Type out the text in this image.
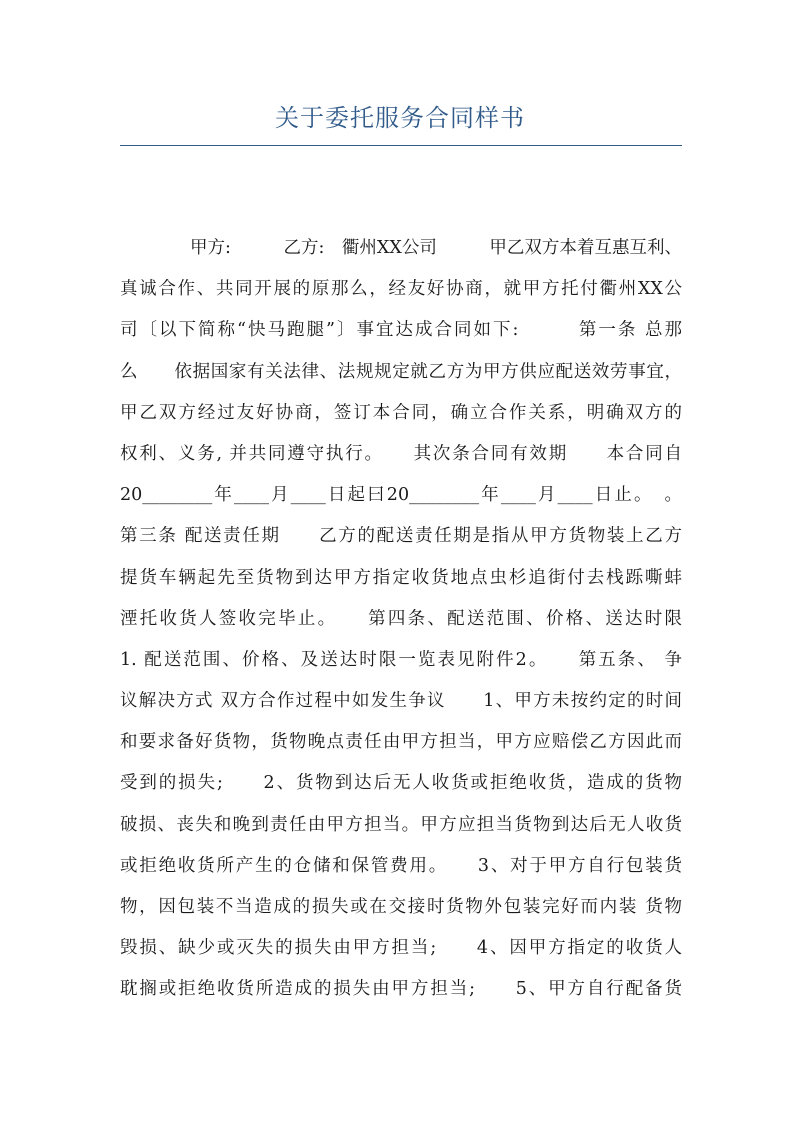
关于委托服务合同样书
　　　　甲方:　　　乙方:　衢州XX公司　　　甲乙双方本着互惠互利、
真诚合作、共同开展的原那么，经友好协商，就甲方托付衢州XX公
司〔以下简称“快马跑腿”〕事宜达成合同如下:　　　第一条 总那
么　　依据国家有关法律、法规规定就乙方为甲方供应配送效劳事宜，
甲乙双方经过友好协商，签订本合同，确立合作关系，明确双方的
权利、义务, 并共同遵守执行。　　其次条合同有效期　　本合同自
20________年____月____日起曰20________年____月____日止。　。
第三条 配送责任期　　乙方的配送责任期是指从甲方货物装上乙方
提货车辆起先至货物到达甲方指定收货地点虫杉追街付去栈跞嘶蚌
湮托收货人签收完毕止。　　第四条、配送范围、价格、送达时限
1. 配送范围、价格、及送达时限一览表见附件2。　　第五条、 争
议解决方式 双方合作过程中如发生争议　　1、甲方未按约定的时间
和要求备好货物，货物晚点责任由甲方担当，甲方应赔偿乙方因此而
受到的损失;　　2、货物到达后无人收货或拒绝收货，造成的货物
破损、丧失和晚到责任由甲方担当。甲方应担当货物到达后无人收货
或拒绝收货所产生的仓储和保管费用。　　3、对于甲方自行包装货
物，因包装不当造成的损失或在交接时货物外包装完好而内装 货物
毁损、缺少或灭失的损失由甲方担当;　　4、因甲方指定的收货人
耽搁或拒绝收货所造成的损失由甲方担当;　　5、甲方自行配备货
